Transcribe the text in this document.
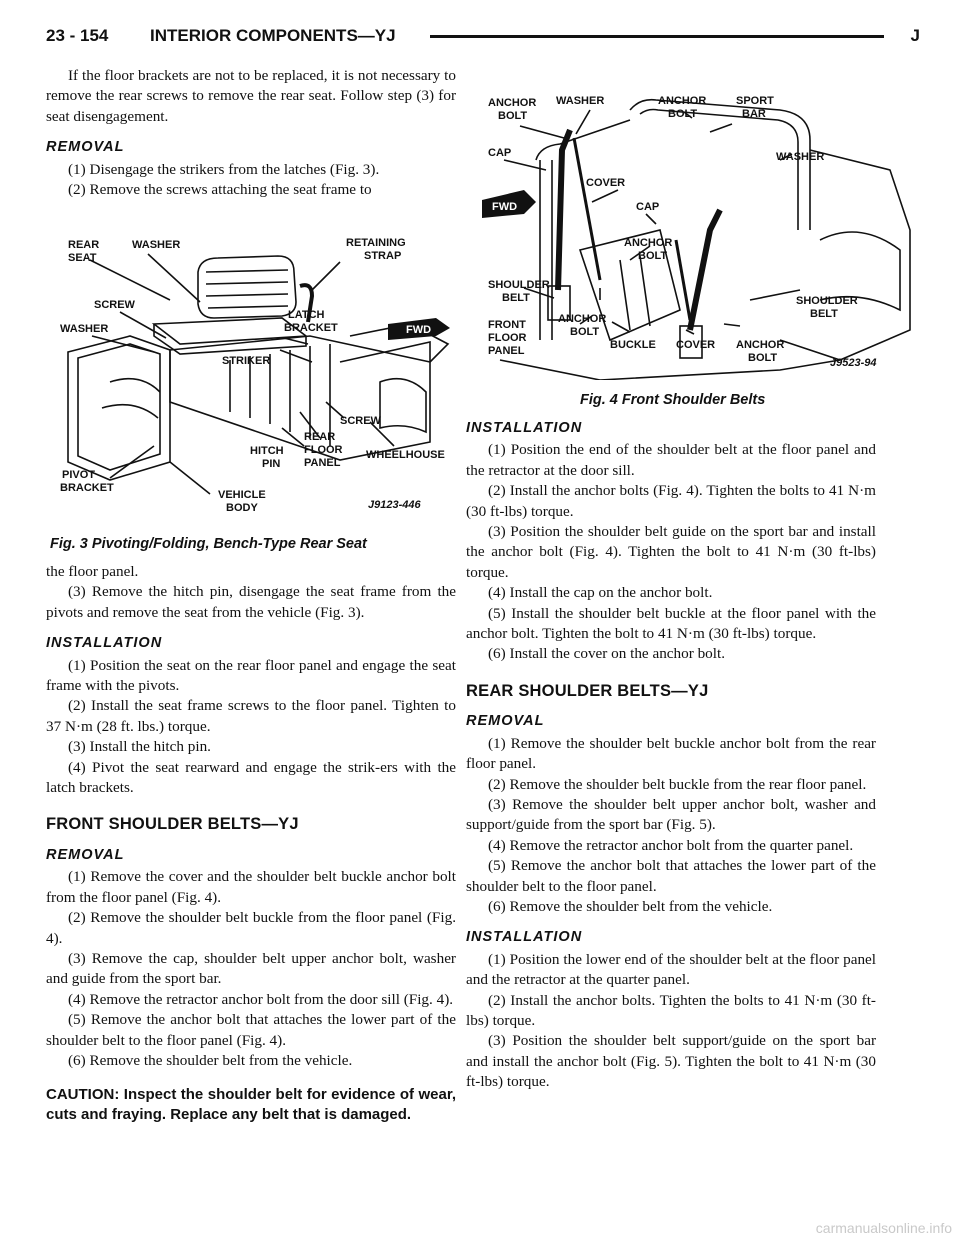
23 - 154 INTERIOR COMPONENTS—YJ	J

If the floor brackets are not to be replaced, it is not necessary to remove the rear screws to remove the rear seat. Follow step (3) for seat disengagement.

REMOVAL

(1) Disengage the strikers from the latches (Fig. 3).

(2) Remove the screws attaching the seat frame to

FWD
REAR
SEAT
WASHER	RETAINING
STRAP
SCREW
WASHER
LATCH
BRACKET
STRIKER
SCREW
HITCH
PIN
REAR
FLOOR
PANEL
WHEELHOUSE
PIVOT
BRACKET
VEHICLE
BODY	J9123-446
Fig. 3 Pivoting/Folding, Bench-Type Rear Seat

the floor panel.

(3) Remove the hitch pin, disengage the seat frame from the pivots and remove the seat from the vehicle (Fig. 3).

INSTALLATION

(1) Position the seat on the rear floor panel and engage the seat frame with the pivots.

(2) Install the seat frame screws to the floor panel. Tighten to 37 N·m (28 ft. lbs.) torque.

(3) Install the hitch pin.

(4) Pivot the seat rearward and engage the strik-ers with the latch brackets.

FRONT SHOULDER BELTS—YJ
REMOVAL

(1) Remove the cover and the shoulder belt buckle anchor bolt from the floor panel (Fig. 4).

(2) Remove the shoulder belt buckle from the floor panel (Fig. 4).

(3) Remove the cap, shoulder belt upper anchor bolt, washer and guide from the sport bar.

(4) Remove the retractor anchor bolt from the door sill (Fig. 4).

(5) Remove the anchor bolt that attaches the lower part of the shoulder belt to the floor panel (Fig. 4).

(6) Remove the shoulder belt from the vehicle.

CAUTION: Inspect the shoulder belt for evidence of wear, cuts and fraying. Replace any belt that is damaged.
FWD
ANCHOR
BOLT
WASHER	ANCHOR
BOLT
SPORT
BAR
CAP	WASHER
COVER
CAP
ANCHOR
BOLT
SHOULDER
BELT	SHOULDER
BELT
FRONT
FLOOR
PANEL
ANCHOR
BOLT
BUCKLE COVER ANCHOR
BOLT	J9523-94
Fig. 4 Front Shoulder Belts
INSTALLATION

(1) Position the end of the shoulder belt at the floor panel and the retractor at the door sill.

(2) Install the anchor bolts (Fig. 4). Tighten the bolts to 41 N·m (30 ft-lbs) torque.

(3) Position the shoulder belt guide on the sport bar and install the anchor bolt (Fig. 4). Tighten the bolt to 41 N·m (30 ft-lbs) torque.

(4) Install the cap on the anchor bolt.

(5) Install the shoulder belt buckle at the floor panel with the anchor bolt. Tighten the bolt to 41 N·m (30 ft-lbs) torque.

(6) Install the cover on the anchor bolt.

REAR SHOULDER BELTS—YJ
REMOVAL

(1) Remove the shoulder belt buckle anchor bolt from the rear floor panel.

(2) Remove the shoulder belt buckle from the rear floor panel.

(3) Remove the shoulder belt upper anchor bolt, washer and support/guide from the sport bar (Fig. 5).

(4) Remove the retractor anchor bolt from the quarter panel.

(5) Remove the anchor bolt that attaches the lower part of the shoulder belt to the floor panel.

(6) Remove the shoulder belt from the vehicle.

INSTALLATION

(1) Position the lower end of the shoulder belt at the floor panel and the retractor at the quarter panel.

(2) Install the anchor bolts. Tighten the bolts to 41 N·m (30 ft-lbs) torque.

(3) Position the shoulder belt support/guide on the sport bar and install the anchor bolt (Fig. 5). Tighten the bolt to 41 N·m (30 ft-lbs) torque.

carmanualsonline.info
